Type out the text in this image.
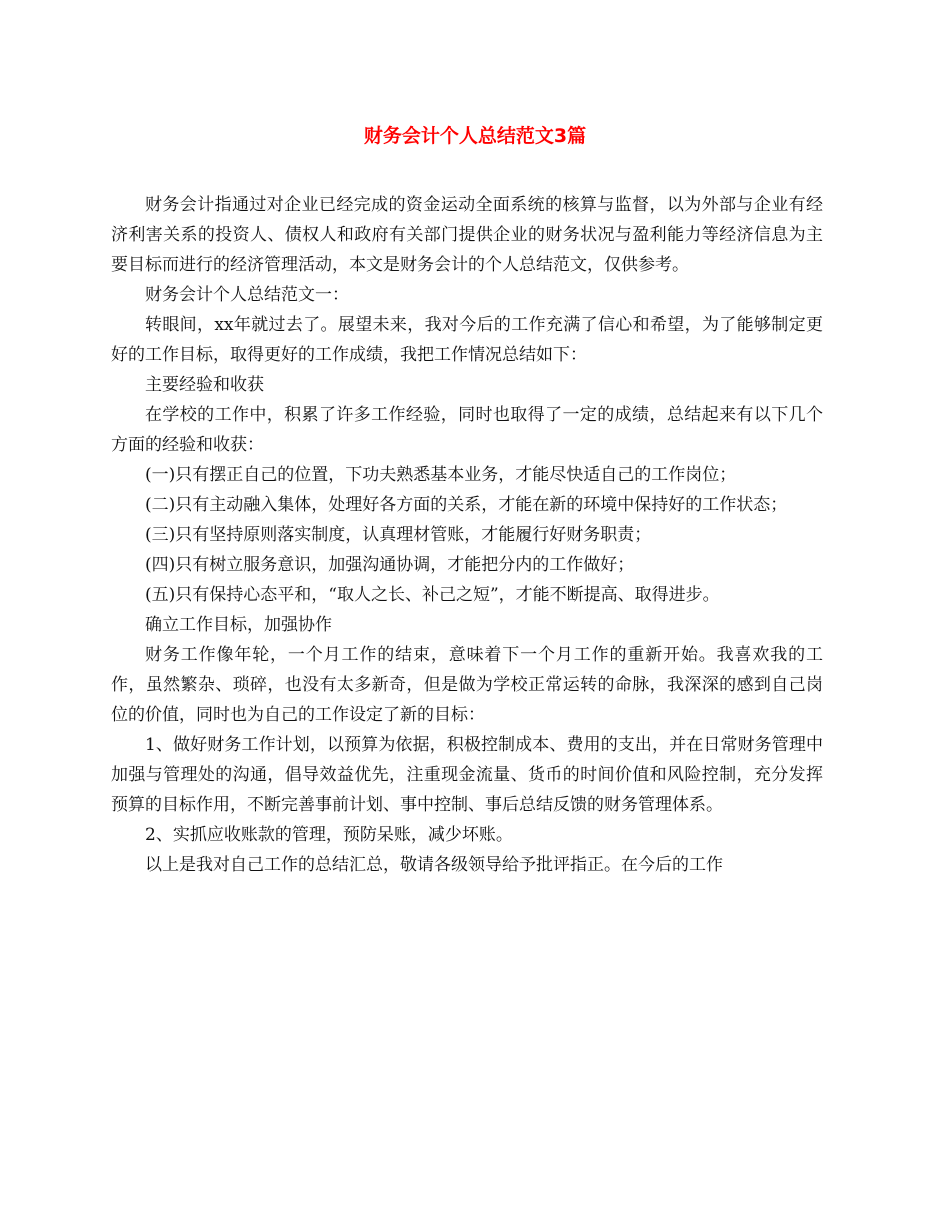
财务会计个人总结范文3篇

财务会计指通过对企业已经完成的资金运动全面系统的核算与监督，以为外部与企业有经济利害关系的投资人、债权人和政府有关部门提供企业的财务状况与盈利能力等经济信息为主要目标而进行的经济管理活动，本文是财务会计的个人总结范文，仅供参考。

财务会计个人总结范文一：

转眼间，xx年就过去了。展望未来，我对今后的工作充满了信心和希望，为了能够制定更好的工作目标，取得更好的工作成绩，我把工作情况总结如下：

主要经验和收获

在学校的工作中，积累了许多工作经验，同时也取得了一定的成绩，总结起来有以下几个方面的经验和收获：

(一)只有摆正自己的位置，下功夫熟悉基本业务，才能尽快适自己的工作岗位；

(二)只有主动融入集体，处理好各方面的关系，才能在新的环境中保持好的工作状态；

(三)只有坚持原则落实制度，认真理材管账，才能履行好财务职责；

(四)只有树立服务意识，加强沟通协调，才能把分内的工作做好；

(五)只有保持心态平和，“取人之长、补己之短”，才能不断提高、取得进步。

确立工作目标，加强协作

财务工作像年轮，一个月工作的结束，意味着下一个月工作的重新开始。我喜欢我的工作，虽然繁杂、琐碎，也没有太多新奇，但是做为学校正常运转的命脉，我深深的感到自己岗位的价值，同时也为自己的工作设定了新的目标：

1、做好财务工作计划，以预算为依据，积极控制成本、费用的支出，并在日常财务管理中加强与管理处的沟通，倡导效益优先，注重现金流量、货币的时间价值和风险控制，充分发挥预算的目标作用，不断完善事前计划、事中控制、事后总结反馈的财务管理体系。

2、实抓应收账款的管理，预防呆账，减少坏账。

以上是我对自己工作的总结汇总，敬请各级领导给予批评指正。在今后的工作
